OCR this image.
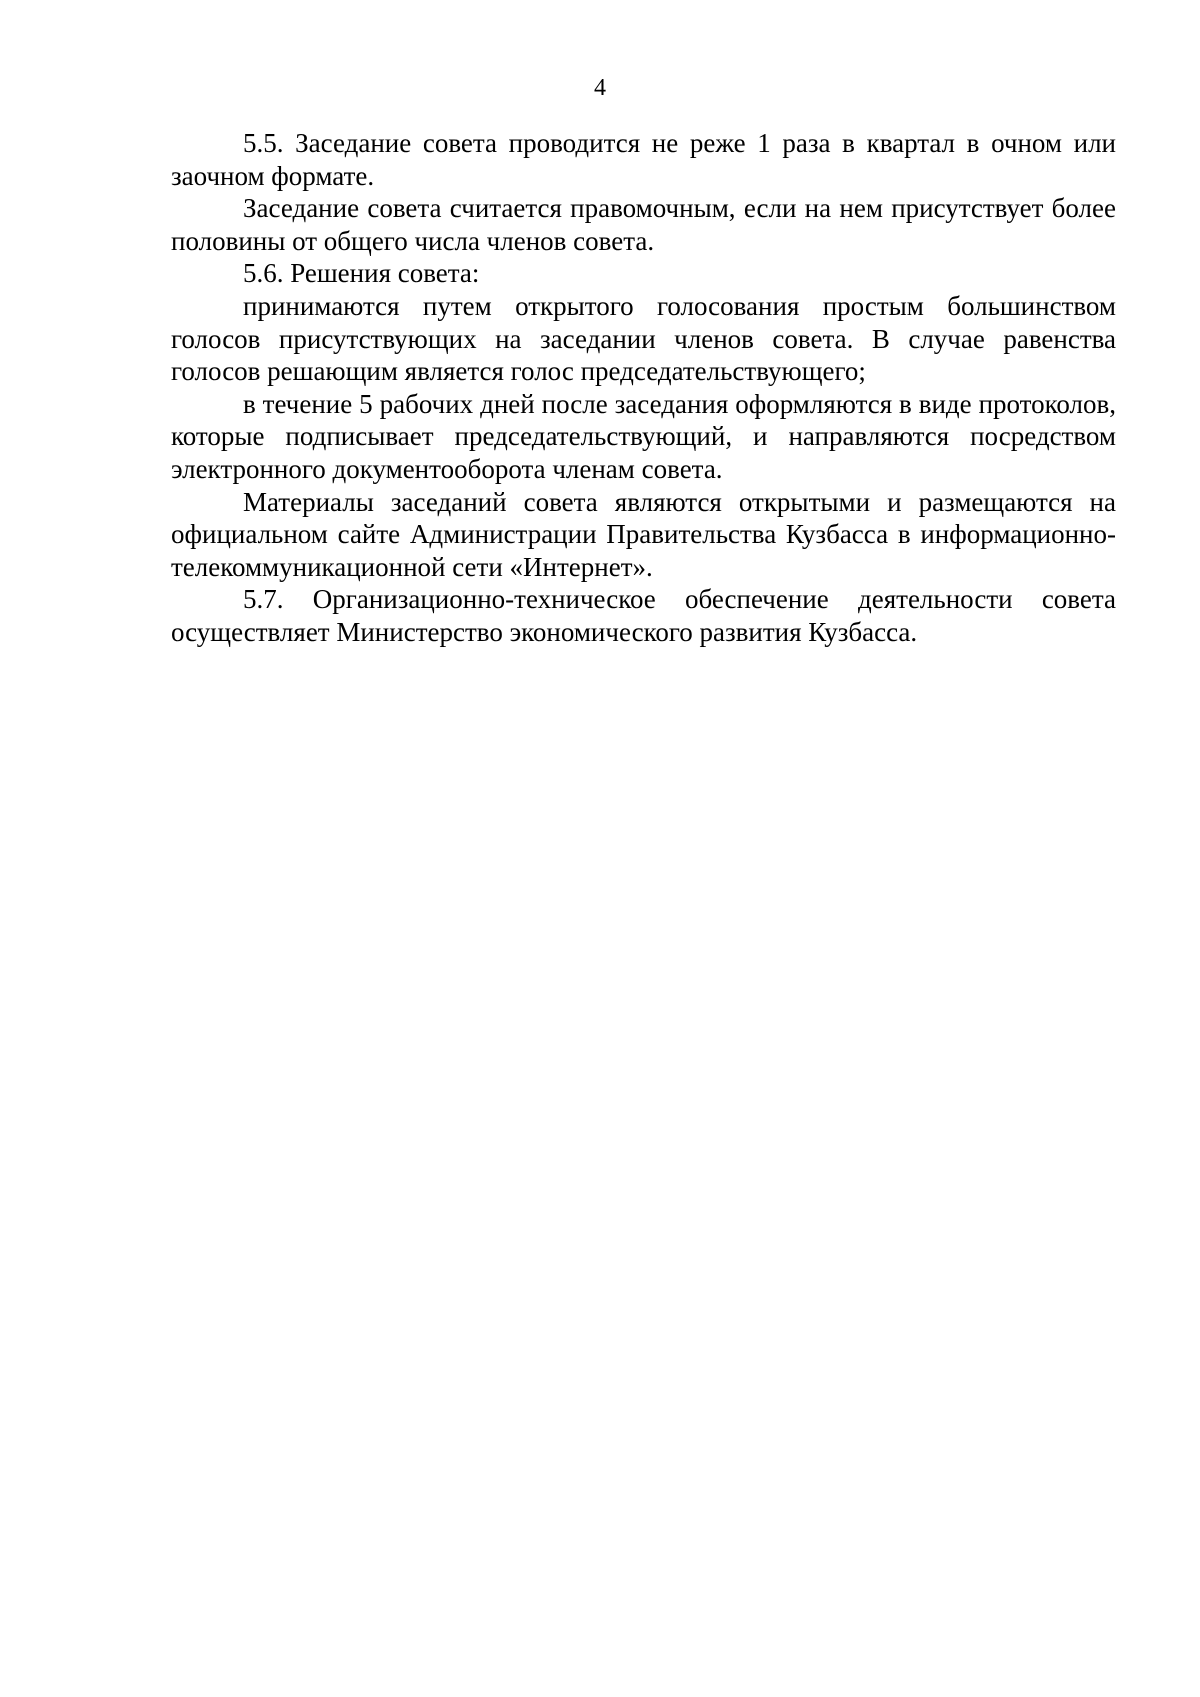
4

5.5. Заседание совета проводится не реже 1 раза в квартал в очном или заочном формате.

Заседание совета считается правомочным, если на нем присутствует более половины от общего числа членов совета.

5.6. Решения совета:

принимаются путем открытого голосования простым большинством голосов присутствующих на заседании членов совета. В случае равенства голосов решающим является голос председательствующего;

в течение 5 рабочих дней после заседания оформляются в виде протоколов, которые подписывает председательствующий, и направляются посредством электронного документооборота членам совета.

Материалы заседаний совета являются открытыми и размещаются на официальном сайте Администрации Правительства Кузбасса в информационно-телекоммуникационной сети «Интернет».

5.7. Организационно-техническое обеспечение деятельности совета осуществляет Министерство экономического развития Кузбасса.
